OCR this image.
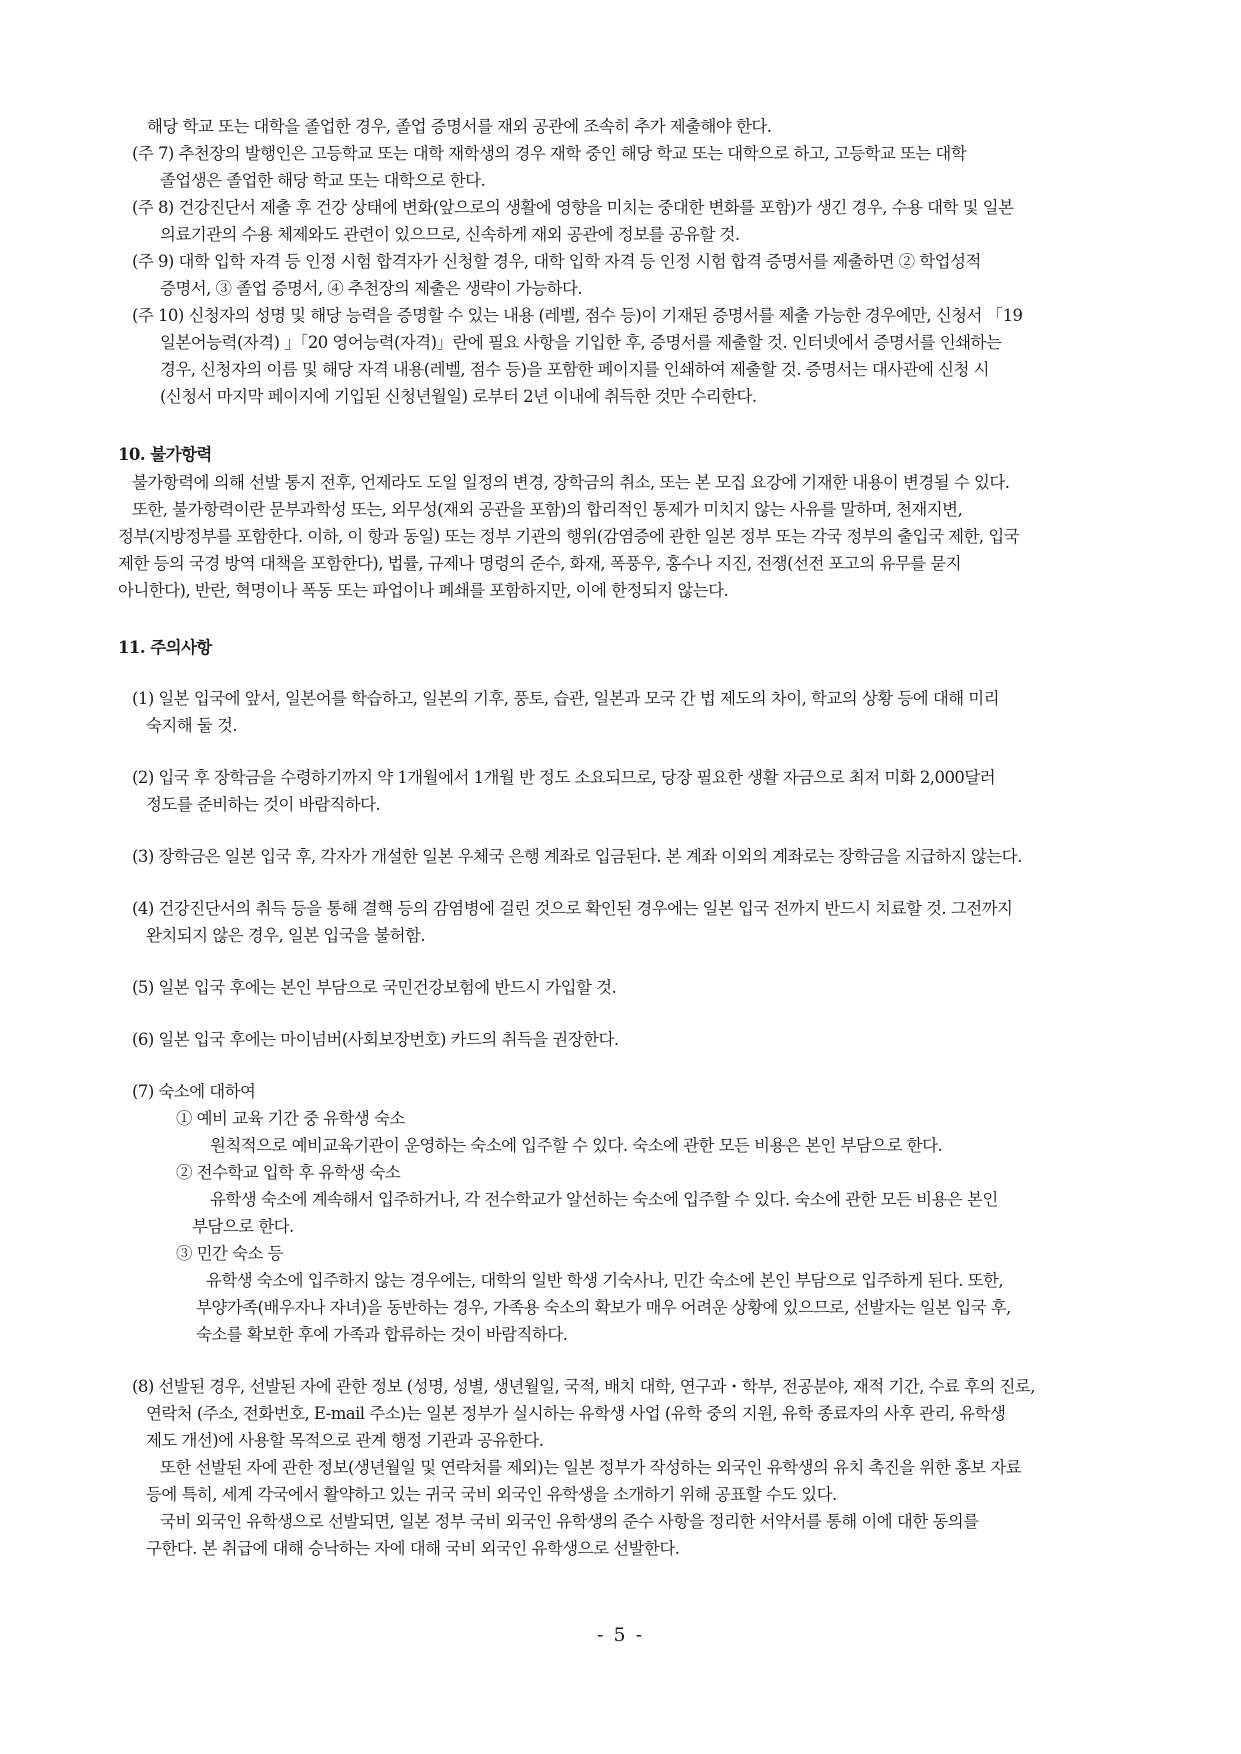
해당 학교 또는 대학을 졸업한 경우, 졸업 증명서를 재외 공관에 조속히 추가 제출해야 한다.
(주 7) 추천장의 발행인은 고등학교 또는 대학 재학생의 경우 재학 중인 해당 학교 또는 대학으로 하고, 고등학교 또는 대학
졸업생은 졸업한 해당 학교 또는 대학으로 한다.
(주 8) 건강진단서 제출 후 건강 상태에 변화(앞으로의 생활에 영향을 미치는 중대한 변화를 포함)가 생긴 경우, 수용 대학 및 일본
의료기관의 수용 체제와도 관련이 있으므로, 신속하게 재외 공관에 정보를 공유할 것.
(주 9) 대학 입학 자격 등 인정 시험 합격자가 신청할 경우, 대학 입학 자격 등 인정 시험 합격 증명서를 제출하면 ② 학업성적
증명서, ③ 졸업 증명서, ④ 추천장의 제출은 생략이 가능하다.
(주 10) 신청자의 성명 및 해당 능력을 증명할 수 있는 내용 (레벨, 점수 등)이 기재된 증명서를 제출 가능한 경우에만, 신청서 「19
일본어능력(자격) 」「20 영어능력(자격)」란에 필요 사항을 기입한 후, 증명서를 제출할 것. 인터넷에서 증명서를 인쇄하는
경우, 신청자의 이름 및 해당 자격 내용(레벨, 점수 등)을 포함한 페이지를 인쇄하여 제출할 것. 증명서는 대사관에 신청 시
(신청서 마지막 페이지에 기입된 신청년월일) 로부터 2년 이내에 취득한 것만 수리한다.
10. 불가항력
불가항력에 의해 선발 통지 전후, 언제라도 도일 일정의 변경, 장학금의 취소, 또는 본 모집 요강에 기재한 내용이 변경될 수 있다.
또한, 불가항력이란 문부과학성 또는, 외무성(재외 공관을 포함)의 합리적인 통제가 미치지 않는 사유를 말하며, 천재지변,
정부(지방정부를 포함한다. 이하, 이 항과 동일) 또는 정부 기관의 행위(감염증에 관한 일본 정부 또는 각국 정부의 출입국 제한, 입국
제한 등의 국경 방역 대책을 포함한다), 법률, 규제나 명령의 준수, 화재, 폭풍우, 홍수나 지진, 전쟁(선전 포고의 유무를 묻지
아니한다), 반란, 혁명이나 폭동 또는 파업이나 폐쇄를 포함하지만, 이에 한정되지 않는다.
11. 주의사항
(1) 일본 입국에 앞서, 일본어를 학습하고, 일본의 기후, 풍토, 습관, 일본과 모국 간 법 제도의 차이, 학교의 상황 등에 대해 미리
숙지해 둘 것.
(2) 입국 후 장학금을 수령하기까지 약 1개월에서 1개월 반 정도 소요되므로, 당장 필요한 생활 자금으로 최저 미화 2,000달러
정도를 준비하는 것이 바람직하다.
(3) 장학금은 일본 입국 후, 각자가 개설한 일본 우체국 은행 계좌로 입금된다. 본 계좌 이외의 계좌로는 장학금을 지급하지 않는다.
(4) 건강진단서의 취득 등을 통해 결핵 등의 감염병에 걸린 것으로 확인된 경우에는 일본 입국 전까지 반드시 치료할 것. 그전까지
완치되지 않은 경우, 일본 입국을 불허함.
(5) 일본 입국 후에는 본인 부담으로 국민건강보험에 반드시 가입할 것.
(6) 일본 입국 후에는 마이넘버(사회보장번호) 카드의 취득을 권장한다.
(7) 숙소에 대하여
① 예비 교육 기간 중 유학생 숙소
원칙적으로 예비교육기관이 운영하는 숙소에 입주할 수 있다. 숙소에 관한 모든 비용은 본인 부담으로 한다.
② 전수학교 입학 후 유학생 숙소
유학생 숙소에 계속해서 입주하거나, 각 전수학교가 알선하는 숙소에 입주할 수 있다. 숙소에 관한 모든 비용은 본인
부담으로 한다.
③ 민간 숙소 등
유학생 숙소에 입주하지 않는 경우에는, 대학의 일반 학생 기숙사나, 민간 숙소에 본인 부담으로 입주하게 된다. 또한,
부양가족(배우자나 자녀)을 동반하는 경우, 가족용 숙소의 확보가 매우 어려운 상황에 있으므로, 선발자는 일본 입국 후,
숙소를 확보한 후에 가족과 합류하는 것이 바람직하다.
(8) 선발된 경우, 선발된 자에 관한 정보 (성명, 성별, 생년월일, 국적, 배치 대학, 연구과・학부, 전공분야, 재적 기간, 수료 후의 진로,
연락처 (주소, 전화번호, E-mail 주소)는 일본 정부가 실시하는 유학생 사업 (유학 중의 지원, 유학 종료자의 사후 관리, 유학생
제도 개선)에 사용할 목적으로 관계 행정 기관과 공유한다.
또한 선발된 자에 관한 정보(생년월일 및 연락처를 제외)는 일본 정부가 작성하는 외국인 유학생의 유치 촉진을 위한 홍보 자료
등에 특히, 세계 각국에서 활약하고 있는 귀국 국비 외국인 유학생을 소개하기 위해 공표할 수도 있다.
국비 외국인 유학생으로 선발되면, 일본 정부 국비 외국인 유학생의 준수 사항을 정리한 서약서를 통해 이에 대한 동의를
구한다. 본 취급에 대해 승낙하는 자에 대해 국비 외국인 유학생으로 선발한다.
- 5 -
